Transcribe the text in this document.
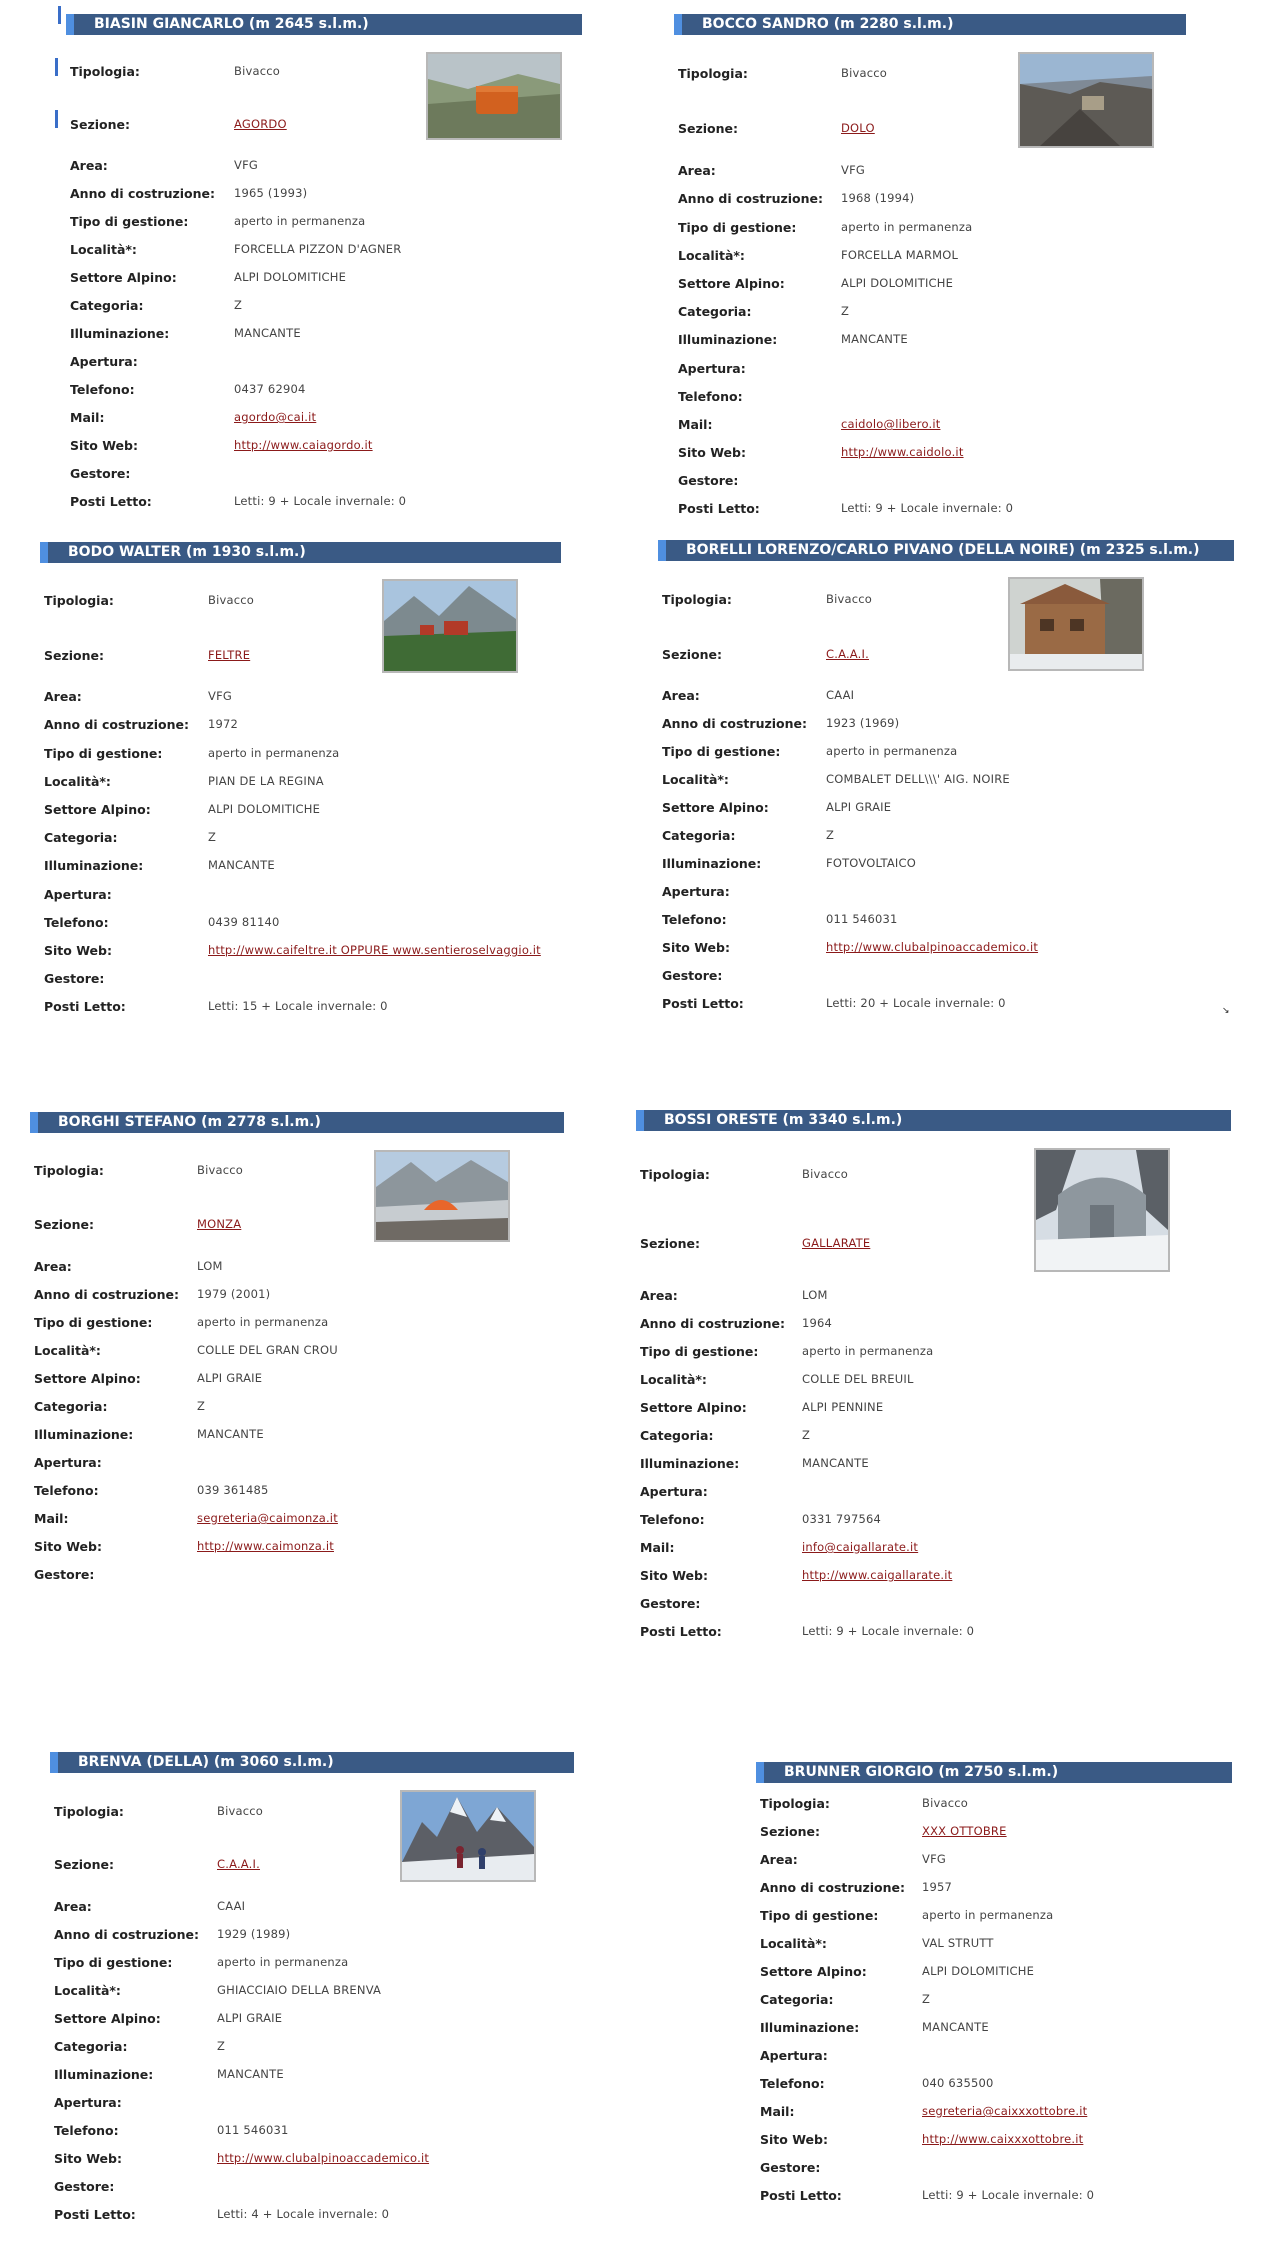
BIASIN GIANCARLO (m 2645 s.l.m.)
Tipologia:	Bivacco
Sezione:	AGORDO
Area:	VFG
Anno di costruzione: 1965 (1993)
Tipo di gestione:	aperto in permanenza
Località*:	FORCELLA PIZZON D'AGNER
Settore Alpino:	ALPI DOLOMITICHE
Categoria:	Z
Illuminazione:	MANCANTE
Apertura:
Telefono:	0437 62904
Mail:	agordo@cai.it
Sito Web:	http://www.caiagordo.it
Gestore:
Posti Letto:	Letti: 9 + Locale invernale: 0
BOCCO SANDRO (m 2280 s.l.m.)
Tipologia:	Bivacco
Sezione:	DOLO
Area:	VFG
Anno di costruzione: 1968 (1994)
Tipo di gestione:	aperto in permanenza
Località*:	FORCELLA MARMOL
Settore Alpino:	ALPI DOLOMITICHE
Categoria:	Z
Illuminazione:	MANCANTE
Apertura:
Telefono:
Mail:	caidolo@libero.it
Sito Web:	http://www.caidolo.it
Gestore:
Posti Letto:	Letti: 9 + Locale invernale: 0
BODO WALTER (m 1930 s.l.m.)
Tipologia:	Bivacco
Sezione:	FELTRE
Area:	VFG
Anno di costruzione: 1972
Tipo di gestione:	aperto in permanenza
Località*:	PIAN DE LA REGINA
Settore Alpino:	ALPI DOLOMITICHE
Categoria:	Z
Illuminazione:	MANCANTE
Apertura:
Telefono:	0439 81140
Sito Web:	http://www.caifeltre.it OPPURE www.sentieroselvaggio.it
Gestore:
Posti Letto:	Letti: 15 + Locale invernale: 0
BORELLI LORENZO/CARLO PIVANO (DELLA NOIRE) (m 2325 s.l.m.)
Tipologia:	Bivacco
Sezione:	C.A.A.I.
Area:	CAAI
Anno di costruzione: 1923 (1969)
Tipo di gestione:	aperto in permanenza
Località*:	COMBALET DELL\\\' AIG. NOIRE
Settore Alpino:	ALPI GRAIE
Categoria:	Z
Illuminazione:	FOTOVOLTAICO
Apertura:
Telefono:	011 546031
Sito Web:	http://www.clubalpinoaccademico.it
Gestore:
Posti Letto:	Letti: 20 + Locale invernale: 0
BORGHI STEFANO (m 2778 s.l.m.)
Tipologia:	Bivacco
Sezione:	MONZA
Area:	LOM
Anno di costruzione: 1979 (2001)
Tipo di gestione:	aperto in permanenza
Località*:	COLLE DEL GRAN CROU
Settore Alpino:	ALPI GRAIE
Categoria:	Z
Illuminazione:	MANCANTE
Apertura:
Telefono:	039 361485
Mail:	segreteria@caimonza.it
Sito Web:	http://www.caimonza.it
Gestore:
BOSSI ORESTE (m 3340 s.l.m.)
Tipologia:	Bivacco
Sezione:	GALLARATE
Area:	LOM
Anno di costruzione: 1964
Tipo di gestione:	aperto in permanenza
Località*:	COLLE DEL BREUIL
Settore Alpino:	ALPI PENNINE
Categoria:	Z
Illuminazione:	MANCANTE
Apertura:
Telefono:	0331 797564
Mail:	info@caigallarate.it
Sito Web:	http://www.caigallarate.it
Gestore:
Posti Letto:	Letti: 9 + Locale invernale: 0
BRENVA (DELLA) (m 3060 s.l.m.)
Tipologia:	Bivacco
Sezione:	C.A.A.I.
Area:	CAAI
Anno di costruzione: 1929 (1989)
Tipo di gestione:	aperto in permanenza
Località*:	GHIACCIAIO DELLA BRENVA
Settore Alpino:	ALPI GRAIE
Categoria:	Z
Illuminazione:	MANCANTE
Apertura:
Telefono:	011 546031
Sito Web:	http://www.clubalpinoaccademico.it
Gestore:
Posti Letto:	Letti: 4 + Locale invernale: 0
BRUNNER GIORGIO (m 2750 s.l.m.)
Tipologia:	Bivacco
Sezione:	XXX OTTOBRE
Area:	VFG
Anno di costruzione: 1957
Tipo di gestione:	aperto in permanenza
Località*:	VAL STRUTT
Settore Alpino:	ALPI DOLOMITICHE
Categoria:	Z
Illuminazione:	MANCANTE
Apertura:
Telefono:	040 635500
Mail:	segreteria@caixxxottobre.it
Sito Web:	http://www.caixxxottobre.it
Gestore:
Posti Letto:	Letti: 9 + Locale invernale: 0
↘
